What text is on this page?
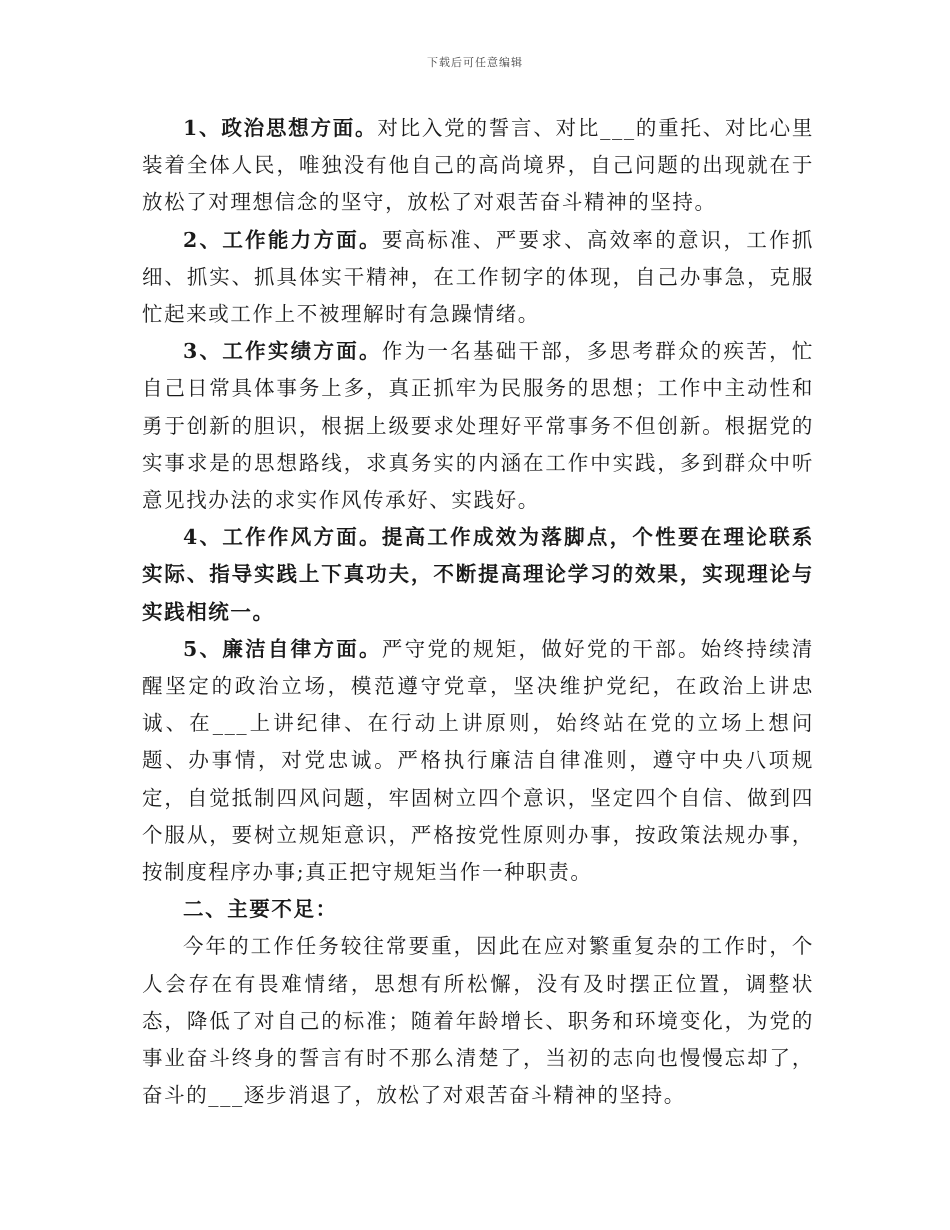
下载后可任意编辑

1、政治思想方面。对比入党的誓言、对比___的重托、对比心里装着全体人民，唯独没有他自己的高尚境界，自己问题的出现就在于放松了对理想信念的坚守，放松了对艰苦奋斗精神的坚持。

2、工作能力方面。要高标准、严要求、高效率的意识，工作抓细、抓实、抓具体实干精神，在工作韧字的体现，自己办事急，克服忙起来或工作上不被理解时有急躁情绪。

3、工作实绩方面。作为一名基础干部，多思考群众的疾苦，忙自己日常具体事务上多，真正抓牢为民服务的思想；工作中主动性和勇于创新的胆识，根据上级要求处理好平常事务不但创新。根据党的实事求是的思想路线，求真务实的内涵在工作中实践，多到群众中听意见找办法的求实作风传承好、实践好。

4、工作作风方面。提高工作成效为落脚点，个性要在理论联系实际、指导实践上下真功夫，不断提高理论学习的效果，实现理论与实践相统一。

5、廉洁自律方面。严守党的规矩，做好党的干部。始终持续清醒坚定的政治立场，模范遵守党章，坚决维护党纪，在政治上讲忠诚、在___上讲纪律、在行动上讲原则，始终站在党的立场上想问题、办事情，对党忠诚。严格执行廉洁自律准则，遵守中央八项规定，自觉抵制四风问题，牢固树立四个意识，坚定四个自信、做到四个服从，要树立规矩意识，严格按党性原则办事，按政策法规办事，按制度程序办事;真正把守规矩当作一种职责。

二、主要不足：

今年的工作任务较往常要重，因此在应对繁重复杂的工作时，个人会存在有畏难情绪，思想有所松懈，没有及时摆正位置，调整状态，降低了对自己的标准；随着年龄增长、职务和环境变化，为党的事业奋斗终身的誓言有时不那么清楚了，当初的志向也慢慢忘却了，奋斗的___逐步消退了，放松了对艰苦奋斗精神的坚持。
